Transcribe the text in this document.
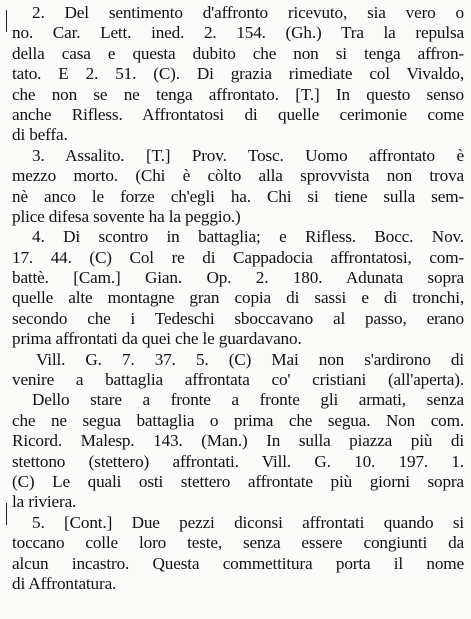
2. Del sentimento d'affronto ricevuto, sia vero o
no. Car. Lett. ined. 2. 154. (Gh.) Tra la repulsa
della casa e questa dubito che non si tenga affron-
tato. E 2. 51. (C). Di grazia rimediate col Vivaldo,
che non se ne tenga affrontato. [T.] In questo senso
anche Rifless. Affrontatosi di quelle cerimonie come
di beffa.
3. Assalito. [T.] Prov. Tosc. Uomo affrontato è
mezzo morto. (Chi è còlto alla sprovvista non trova
nè anco le forze ch'egli ha. Chi si tiene sulla sem-
plice difesa sovente ha la peggio.)
4. Di scontro in battaglia; e Rifless. Bocc. Nov.
17. 44. (C) Col re di Cappadocia affrontatosi, com-
battè. [Cam.] Gian. Op. 2. 180. Adunata sopra
quelle alte montagne gran copia di sassi e di tronchi,
secondo che i Tedeschi sboccavano al passo, erano
prima affrontati da quei che le guardavano.
Vill. G. 7. 37. 5. (C) Mai non s'ardirono di
venire a battaglia affrontata co' cristiani (all'aperta).
Dello stare a fronte a fronte gli armati, senza
che ne segua battaglia o prima che segua. Non com.
Ricord. Malesp. 143. (Man.) In sulla piazza più di
stettono (stettero) affrontati. Vill. G. 10. 197. 1.
(C) Le quali osti stettero affrontate più giorni sopra
la riviera.
5. [Cont.] Due pezzi diconsi affrontati quando si
toccano colle loro teste, senza essere congiunti da
alcun incastro. Questa commettitura porta il nome
di Affrontatura.
